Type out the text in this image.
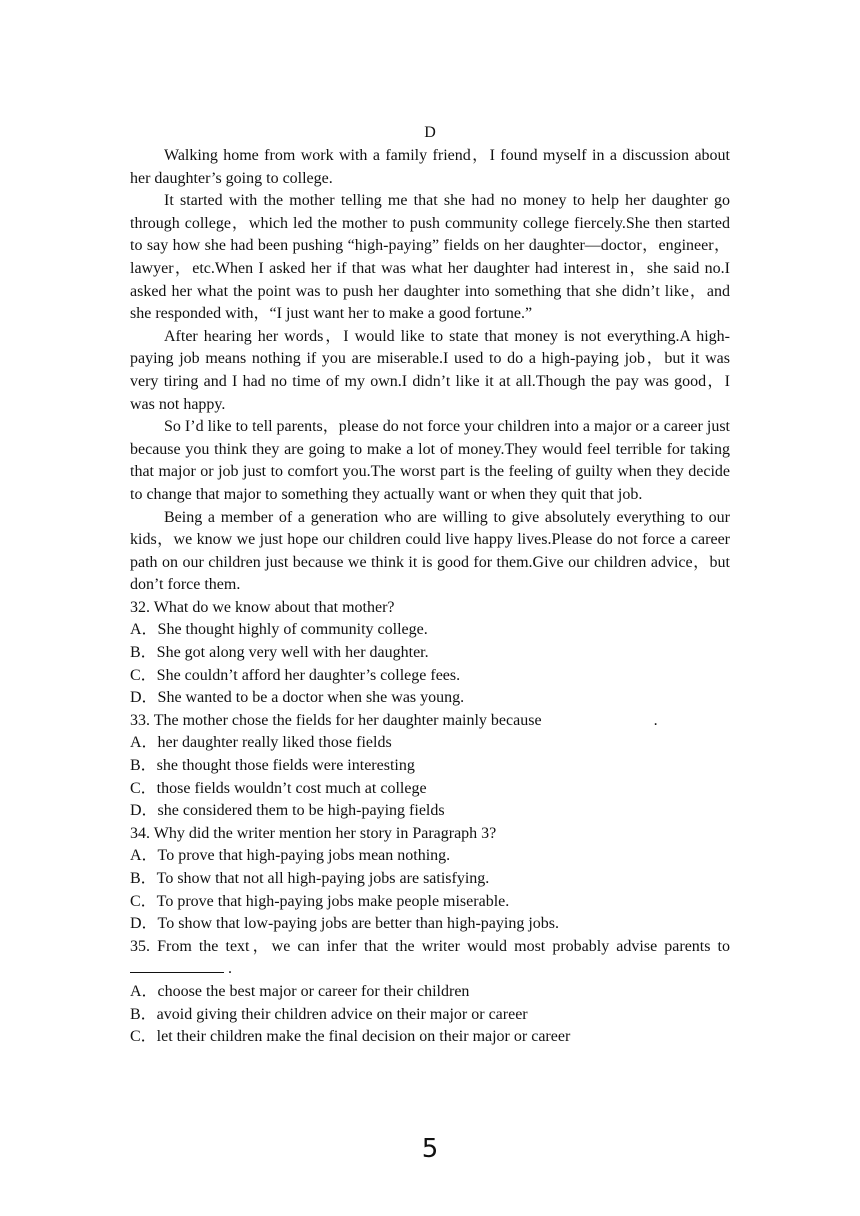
D

Walking home from work with a family friend，I found myself in a discussion about her daughter’s going to college.

It started with the mother telling me that she had no money to help her daughter go through college，which led the mother to push community college fiercely.She then started to say how she had been pushing “high-paying” fields on her daughter—doctor，engineer，lawyer，etc.When I asked her if that was what her daughter had interest in，she said no.I asked her what the point was to push her daughter into something that she didn’t like，and she responded with，“I just want her to make a good fortune.”

After hearing her words，I would like to state that money is not everything.A high-paying job means nothing if you are miserable.I used to do a high-paying job，but it was very tiring and I had no time of my own.I didn’t like it at all.Though the pay was good，I was not happy.

So I’d like to tell parents，please do not force your children into a major or a career just because you think they are going to make a lot of money.They would feel terrible for taking that major or job just to comfort you.The worst part is the feeling of guilty when they decide to change that major to something they actually want or when they quit that job.

Being a member of a generation who are willing to give absolutely everything to our kids，we know we just hope our children could live happy lives.Please do not force a career path on our children just because we think it is good for them.Give our children advice，but don’t force them.

32. What do we know about that mother?

A．She thought highly of community college.

B．She got along very well with her daughter.

C．She couldn’t afford her daughter’s college fees.

D．She wanted to be a doctor when she was young.

33. The mother chose the fields for her daughter mainly because	.

A．her daughter really liked those fields

B．she thought those fields were interesting

C．those fields wouldn’t cost much at college

D．she considered them to be high-paying fields

34. Why did the writer mention her story in Paragraph 3?

A．To prove that high-paying jobs mean nothing.

B．To show that not all high-paying jobs are satisfying.

C．To prove that high-paying jobs make people miserable.

D．To show that low-paying jobs are better than high-paying jobs.

35. From the text，we can infer that the writer would most probably advise parents to .

A．choose the best major or career for their children

B．avoid giving their children advice on their major or career

C．let their children make the final decision on their major or career

5
